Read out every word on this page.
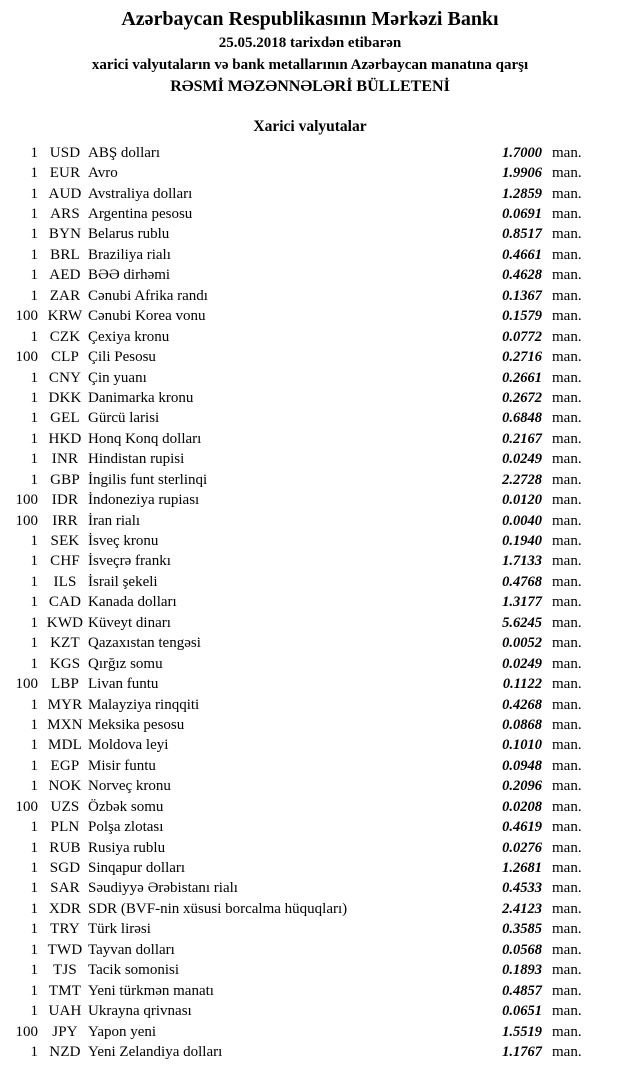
Azərbaycan Respublikasının Mərkəzi Bankı
25.05.2018 tarixdən etibarən
xarici valyutaların və bank metallarının Azərbaycan manatına qarşı
RƏSMİ MƏZƏNNƏLƏRİ BÜLLETENİ
Xarici valyutalar
1 USD ABŞ dolları	1.7000 man.
1 EUR Avro	1.9906 man.
1 AUD Avstraliya dolları	1.2859 man.
1 ARS Argentina pesosu	0.0691 man.
1 BYN Belarus rublu	0.8517 man.
1 BRL Braziliya rialı	0.4661 man.
1 AED BƏƏ dirhəmi	0.4628 man.
1 ZAR Cənubi Afrika randı	0.1367 man.
100 KRW Cənubi Korea vonu	0.1579 man.
1 CZK Çexiya kronu	0.0772 man.
100 CLP Çili Pesosu	0.2716 man.
1 CNY Çin yuanı	0.2661 man.
1 DKK Danimarka kronu	0.2672 man.
1 GEL Gürcü larisi	0.6848 man.
1 HKD Honq Konq dolları	0.2167 man.
1 INR Hindistan rupisi	0.0249 man.
1 GBP İngilis funt sterlinqi	2.2728 man.
100 IDR İndoneziya rupiası	0.0120 man.
100 IRR İran rialı	0.0040 man.
1 SEK İsveç kronu	0.1940 man.
1 CHF İsveçrə frankı	1.7133 man.
1	ILS İsrail şekeli	0.4768 man.
1 CAD Kanada dolları	1.3177 man.
1 KWD Küveyt dinarı	5.6245 man.
1 KZT Qazaxıstan tengəsi	0.0052 man.
1 KGS Qırğız somu	0.0249 man.
100 LBP Livan funtu	0.1122 man.
1 MYR Malayziya rinqqiti	0.4268 man.
1 MXN Meksika pesosu	0.0868 man.
1 MDL Moldova leyi	0.1010 man.
1 EGP Misir funtu	0.0948 man.
1 NOK Norveç kronu	0.2096 man.
100 UZS Özbək somu	0.0208 man.
1 PLN Polşa zlotası	0.4619 man.
1 RUB Rusiya rublu	0.0276 man.
1 SGD Sinqapur dolları	1.2681 man.
1 SAR Səudiyyə Ərəbistanı rialı	0.4533 man.
1 XDR SDR (BVF-nin xüsusi borcalma hüquqları)	2.4123 man.
1 TRY Türk lirəsi	0.3585 man.
1 TWD Tayvan dolları	0.0568 man.
1	TJS Tacik somonisi	0.1893 man.
1 TMT Yeni türkmən manatı	0.4857 man.
1 UAH Ukrayna qrivnası	0.0651 man.
100 JPY Yapon yeni	1.5519 man.
1 NZD Yeni Zelandiya dolları	1.1767 man.
